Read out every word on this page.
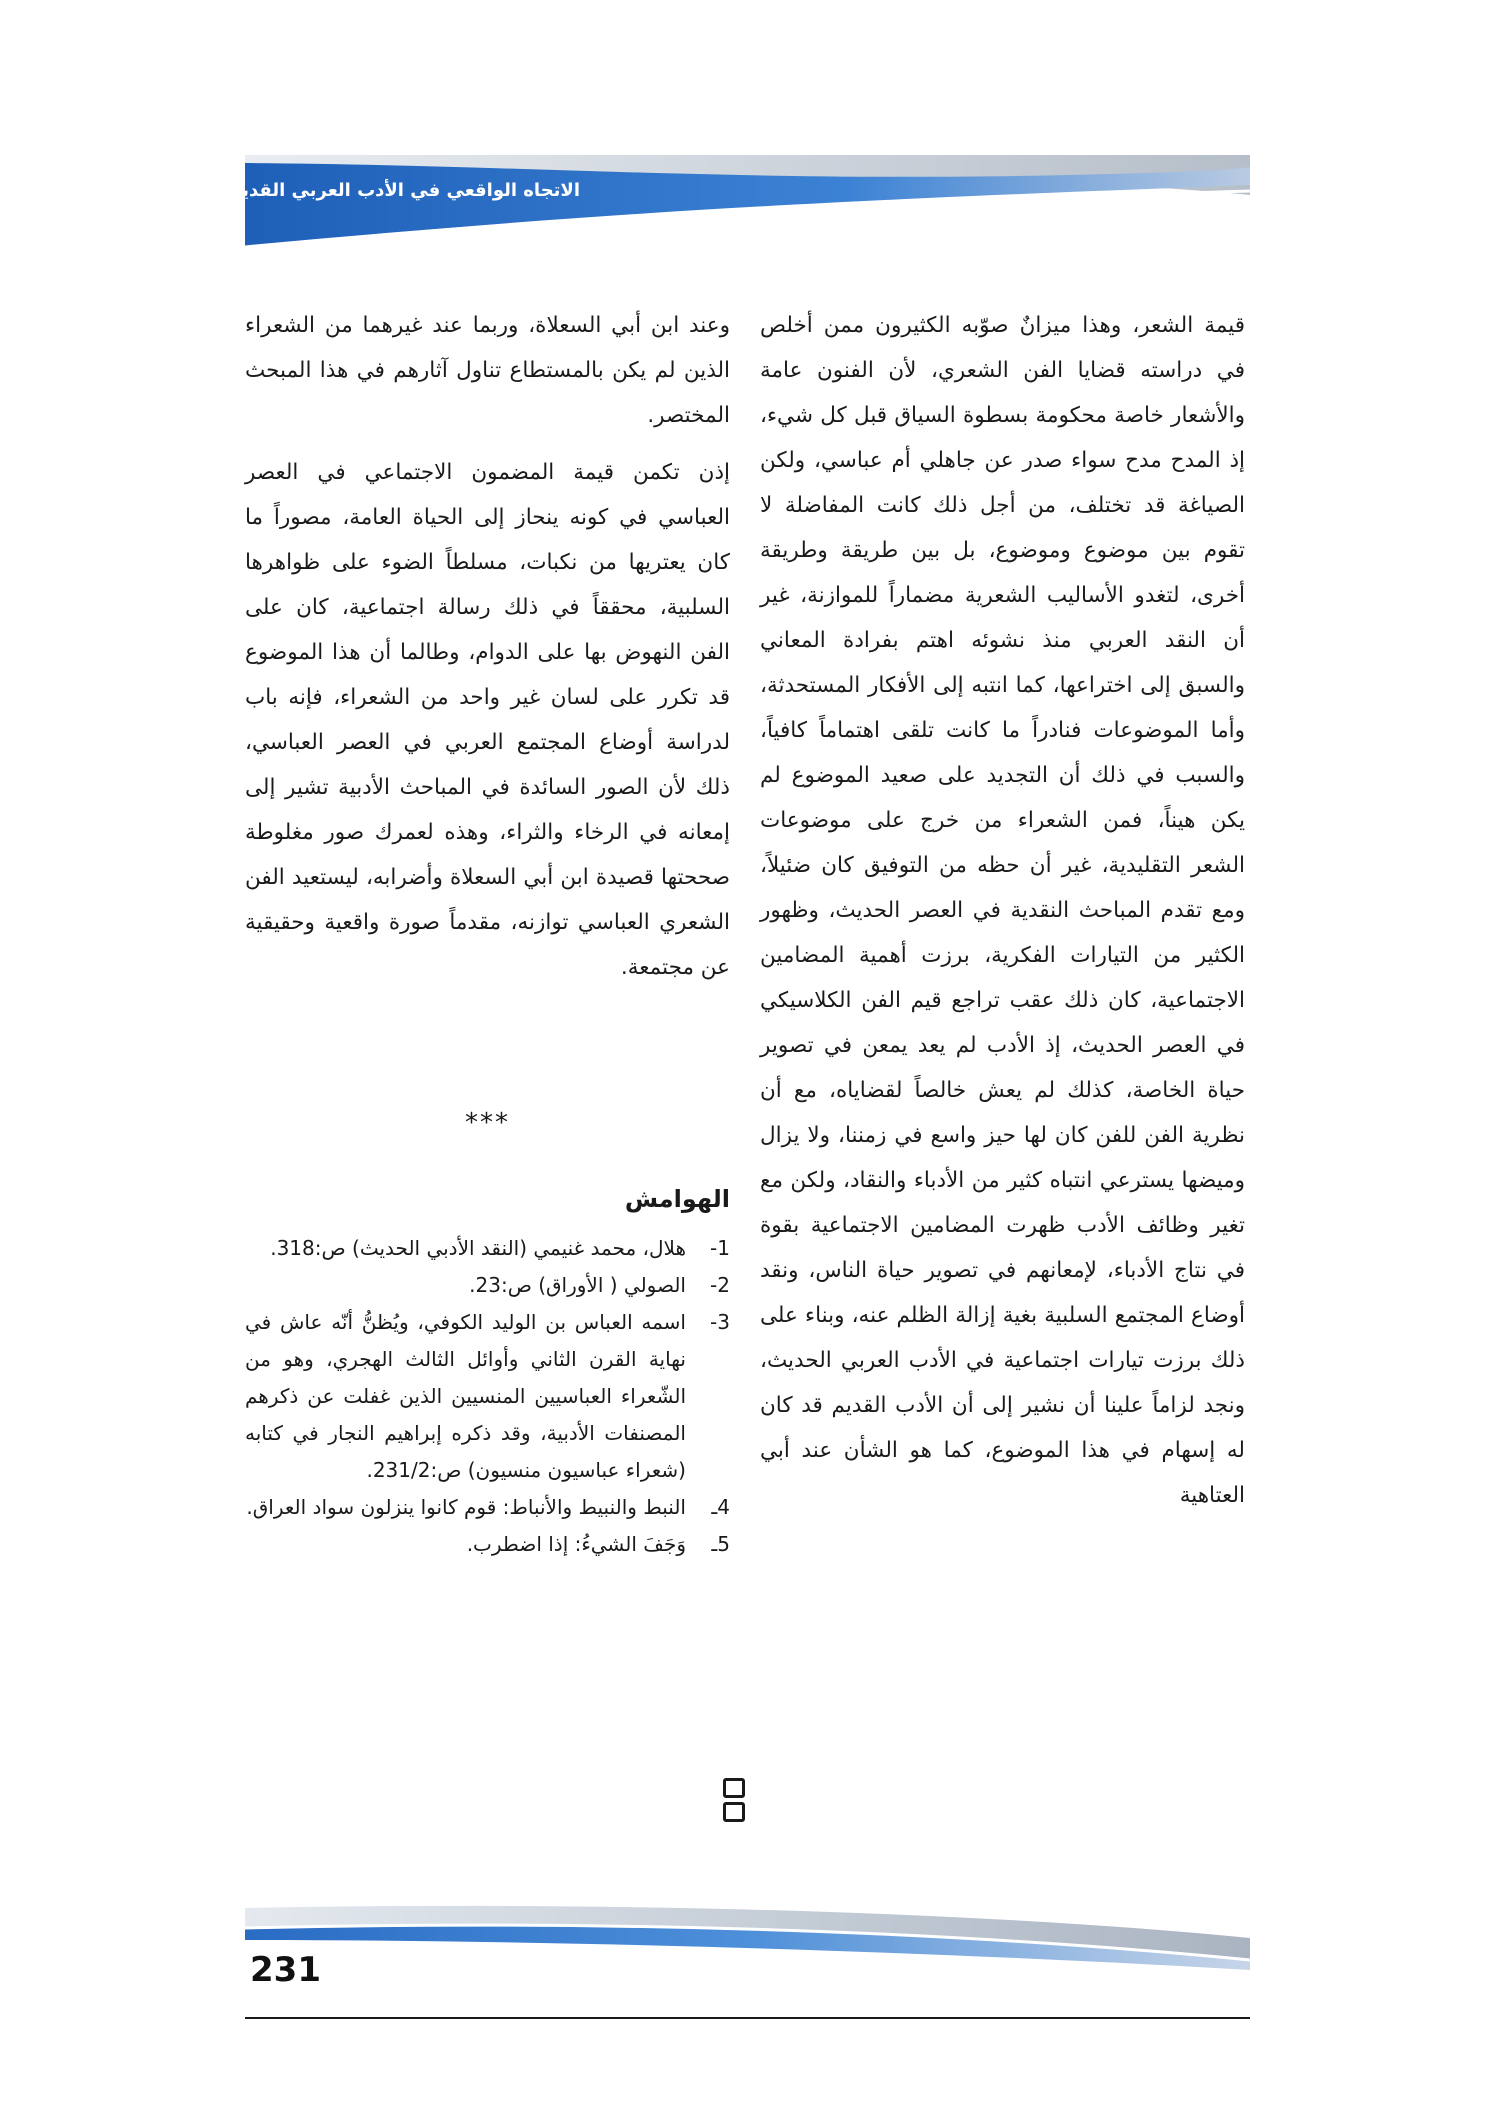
الاتجاه الواقعي في الأدب العربي القديم

قيمة الشعر، وهذا ميزانٌ صوّبه الكثيرون ممن أخلص في دراسته قضايا الفن الشعري، لأن الفنون عامة والأشعار خاصة محكومة بسطوة السياق قبل كل شيء، إذ المدح مدح سواء صدر عن جاهلي أم عباسي، ولكن الصياغة قد تختلف، من أجل ذلك كانت المفاضلة لا تقوم بين موضوع وموضوع، بل بين طريقة وطريقة أخرى، لتغدو الأساليب الشعرية مضماراً للموازنة، غير أن النقد العربي منذ نشوئه اهتم بفرادة المعاني والسبق إلى اختراعها، كما انتبه إلى الأفكار المستحدثة، وأما الموضوعات فنادراً ما كانت تلقى اهتماماً كافياً، والسبب في ذلك أن التجديد على صعيد الموضوع لم يكن هيناً، فمن الشعراء من خرج على موضوعات الشعر التقليدية، غير أن حظه من التوفيق كان ضئيلاً، ومع تقدم المباحث النقدية في العصر الحديث، وظهور الكثير من التيارات الفكرية، برزت أهمية المضامين الاجتماعية، كان ذلك عقب تراجع قيم الفن الكلاسيكي في العصر الحديث، إذ الأدب لم يعد يمعن في تصوير حياة الخاصة، كذلك لم يعش خالصاً لقضاياه، مع أن نظرية الفن للفن كان لها حيز واسع في زمننا، ولا يزال وميضها يسترعي انتباه كثير من الأدباء والنقاد، ولكن مع تغير وظائف الأدب ظهرت المضامين الاجتماعية بقوة في نتاج الأدباء، لإمعانهم في تصوير حياة الناس، ونقد أوضاع المجتمع السلبية بغية إزالة الظلم عنه، وبناء على ذلك برزت تيارات اجتماعية في الأدب العربي الحديث، ونجد لزاماً علينا أن نشير إلى أن الأدب القديم قد كان له إسهام في هذا الموضوع، كما هو الشأن عند أبي العتاهية

وعند ابن أبي السعلاة، وربما عند غيرهما من الشعراء الذين لم يكن بالمستطاع تناول آثارهم في هذا المبحث المختصر.

إذن تكمن قيمة المضمون الاجتماعي في العصر العباسي في كونه ينحاز إلى الحياة العامة، مصوراً ما كان يعتريها من نكبات، مسلطاً الضوء على ظواهرها السلبية، محققاً في ذلك رسالة اجتماعية، كان على الفن النهوض بها على الدوام، وطالما أن هذا الموضوع قد تكرر على لسان غير واحد من الشعراء، فإنه باب لدراسة أوضاع المجتمع العربي في العصر العباسي، ذلك لأن الصور السائدة في المباحث الأدبية تشير إلى إمعانه في الرخاء والثراء، وهذه لعمرك صور مغلوطة صححتها قصيدة ابن أبي السعلاة وأضرابه، ليستعيد الفن الشعري العباسي توازنه، مقدماً صورة واقعية وحقيقية عن مجتمعة.

***
الهوامش
1-
هلال، محمد غنيمي (النقد الأدبي الحديث) ص:318.
2-
الصولي ( الأوراق) ص:23.
3-
اسمه العباس بن الوليد الكوفي، ويُظنُّ أنّه عاش في نهاية القرن الثاني وأوائل الثالث الهجري، وهو من الشّعراء العباسيين المنسيين الذين غفلت عن ذكرهم المصنفات الأدبية، وقد ذكره إبراهيم النجار في كتابه (شعراء عباسيون منسيون) ص:231/2.
4ـ
النبط والنبيط والأنباط: قوم كانوا ينزلون سواد العراق.
5ـ
وَجَفَ الشيءُ: إذا اضطرب.
231
